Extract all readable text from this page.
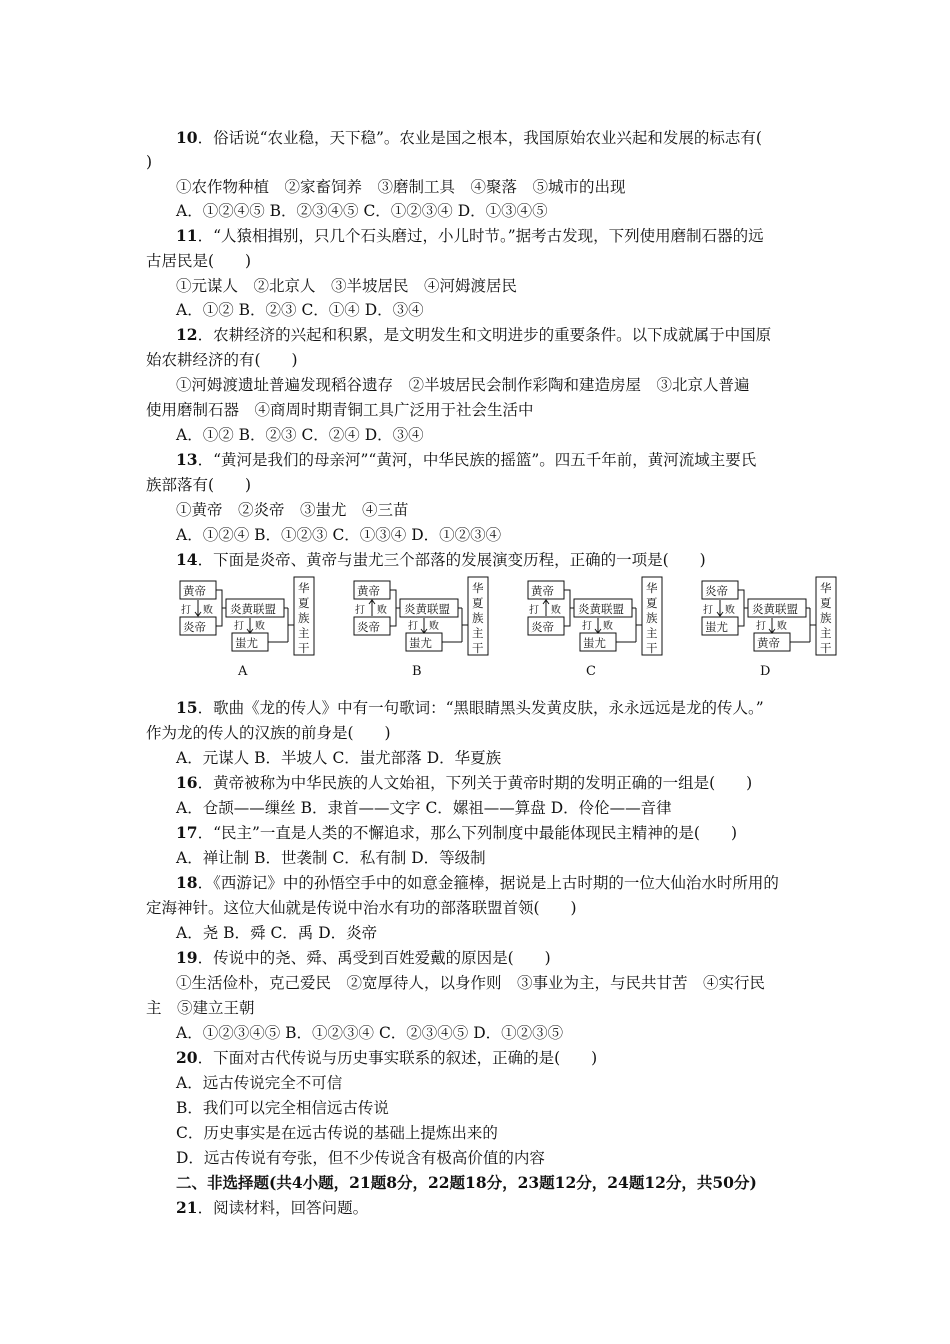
10．俗话说“农业稳，天下稳”。农业是国之根本，我国原始农业兴起和发展的标志有(
)
①农作物种植　②家畜饲养　③磨制工具　④聚落　⑤城市的出现
A．①②④⑤ B．②③④⑤ C．①②③④ D．①③④⑤
11．“人猿相揖别，只几个石头磨过，小儿时节。”据考古发现，下列使用磨制石器的远
古居民是(　　)
①元谋人　②北京人　③半坡居民　④河姆渡居民
A．①② B．②③ C．①④ D．③④
12．农耕经济的兴起和积累，是文明发生和文明进步的重要条件。以下成就属于中国原
始农耕经济的有(　　)
①河姆渡遗址普遍发现稻谷遗存　②半坡居民会制作彩陶和建造房屋　③北京人普遍
使用磨制石器　④商周时期青铜工具广泛用于社会生活中
A．①② B．②③ C．②④ D．③④
13．“黄河是我们的母亲河”“黄河，中华民族的摇篮”。四五千年前，黄河流域主要氏
族部落有(　　)
①黄帝　②炎帝　③蚩尤　④三苗
A．①②④ B．①②③ C．①③④ D．①②③④
14．下面是炎帝、黄帝与蚩尤三个部落的发展演变历程，正确的一项是(　　)
黄帝
炎帝
打 败 炎黄联盟
打 败
蚩尤
华
夏
族
主
干
A
黄帝
炎帝
打 败 炎黄联盟
打 败
蚩尤
华
夏
族
主
干
B
黄帝
炎帝
打 败 炎黄联盟
打 败
蚩尤
华
夏
族
主
干
C
炎帝
蚩尤
打 败 炎黄联盟
打 败
黄帝
华
夏
族
主
干
D
15．歌曲《龙的传人》中有一句歌词：“黑眼睛黑头发黄皮肤，永永远远是龙的传人。”
作为龙的传人的汉族的前身是(　　)
A．元谋人 B．半坡人 C．蚩尤部落 D．华夏族
16．黄帝被称为中华民族的人文始祖，下列关于黄帝时期的发明正确的一组是(　　)
A．仓颉——缫丝 B．隶首——文字 C．嫘祖——算盘 D．伶伦——音律
17．“民主”一直是人类的不懈追求，那么下列制度中最能体现民主精神的是(　　)
A．禅让制 B．世袭制 C．私有制 D．等级制
18．《西游记》中的孙悟空手中的如意金箍棒，据说是上古时期的一位大仙治水时所用的
定海神针。这位大仙就是传说中治水有功的部落联盟首领(　　)
A．尧 B．舜 C．禹 D．炎帝
19．传说中的尧、舜、禹受到百姓爱戴的原因是(　　)
①生活俭朴，克己爱民　②宽厚待人，以身作则　③事业为主，与民共甘苦　④实行民
主　⑤建立王朝
A．①②③④⑤ B．①②③④ C．②③④⑤ D．①②③⑤
20．下面对古代传说与历史事实联系的叙述，正确的是(　　)
A．远古传说完全不可信
B．我们可以完全相信远古传说
C．历史事实是在远古传说的基础上提炼出来的
D．远古传说有夸张，但不少传说含有极高价值的内容
二、非选择题(共4小题，21题8分，22题18分，23题12分，24题12分，共50分)
21．阅读材料，回答问题。
